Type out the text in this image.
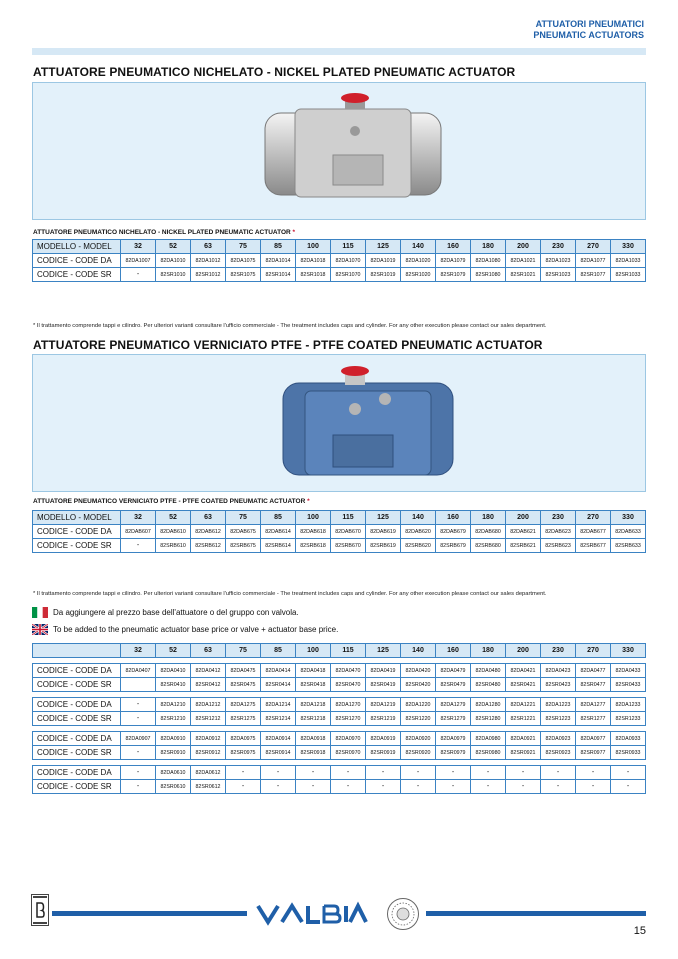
ATTUATORI PNEUMATICI
PNEUMATIC ACTUATORS
ATTUATORE PNEUMATICO NICHELATO - NICKEL PLATED PNEUMATIC ACTUATOR
ATTUATORE PNEUMATICO NICHELATO - NICKEL PLATED PNEUMATIC ACTUATOR *
MODELLO - MODEL	32	52	63	75	85	100	115	125	140	160	180	200	230	270	330
CODICE - CODE DA	82DA1007	82DA1010	82DA1012	82DA1075	82DA1014	82DA1018	82DA1070	82DA1019	82DA1020	82DA1079	82DA1080	82DA1021	82DA1023	82DA1077	82DA1033
CODICE - CODE SR	-	82SR1010	82SR1012	82SR1075	82SR1014	82SR1018	82SR1070	82SR1019	82SR1020	82SR1079	82SR1080	82SR1021	82SR1023	82SR1077	82SR1033
* Il trattamento comprende tappi e cilindro. Per ulteriori varianti consultare l'ufficio commerciale - The treatment includes caps and cylinder. For any other execution please contact our sales department.
ATTUATORE PNEUMATICO VERNICIATO PTFE - PTFE COATED PNEUMATIC ACTUATOR
ATTUATORE PNEUMATICO VERNICIATO PTFE - PTFE COATED PNEUMATIC ACTUATOR *
MODELLO - MODEL	32	52	63	75	85	100	115	125	140	160	180	200	230	270	330
CODICE - CODE DA	82DAB607	82DAB610	82DAB612	82DAB675	82DAB614	82DAB618	82DAB670	82DAB619	82DAB620	82DAB679	82DAB680	82DAB621	82DAB623	82DAB677	82DAB633
CODICE - CODE SR	-	82SRB610	82SRB612	82SRB675	82SRB614	82SRB618	82SRB670	82SRB619	82SRB620	82SRB679	82SRB680	82SRB621	82SRB623	82SRB677	82SRB633
* Il trattamento comprende tappi e cilindro. Per ulteriori varianti consultare l'ufficio commerciale - The treatment includes caps and cylinder. For any other execution please contact our sales department.
Da aggiungere al prezzo base dell'attuatore o del gruppo con valvola.
To be added to the pneumatic actuator base price or valve + actuator base price.
	32	52	63	75	85	100	115	125	140	160	180	200	230	270	330

CODICE - CODE DA	82DA0407	82DA0410	82DA0412	82DA0475	82DA0414	82DA0418	82DA0470	82DA0419	82DA0420	82DA0479	82DA0480	82DA0421	82DA0423	82DA0477	82DA0433
CODICE - CODE SR		82SR0410	82SR0412	82SR0475	82SR0414	82SR0418	82SR0470	82SR0419	82SR0420	82SR0479	82SR0480	82SR0421	82SR0423	82SR0477	82SR0433

CODICE - CODE DA	-	82DA1210	82DA1212	82DA1275	82DA1214	82DA1218	82DA1270	82DA1219	82DA1220	82DA1279	82DA1280	82DA1221	82DA1223	82DA1277	82DA1233
CODICE - CODE SR	-	82SR1210	82SR1212	82SR1275	82SR1214	82SR1218	82SR1270	82SR1219	82SR1220	82SR1279	82SR1280	82SR1221	82SR1223	82SR1277	82SR1233

CODICE - CODE DA	82DA0907	82DA0910	82DA0912	82DA0975	82DA0914	82DA0918	82DA0970	82DA0919	82DA0920	82DA0979	82DA0980	82DA0921	82DA0923	82DA0977	82DA0933
CODICE - CODE SR	-	82SR0910	82SR0912	82SR0975	82SR0914	82SR0918	82SR0970	82SR0919	82SR0920	82SR0979	82SR0980	82SR0921	82SR0923	82SR0977	82SR0933

CODICE - CODE DA	-	82DA0610	82DA0612	-	-	-	-	-	-	-	-	-	-	-	-
CODICE - CODE SR	-	82SR0610	82SR0612	-	-	-	-	-	-	-	-	-	-	-	-
15
